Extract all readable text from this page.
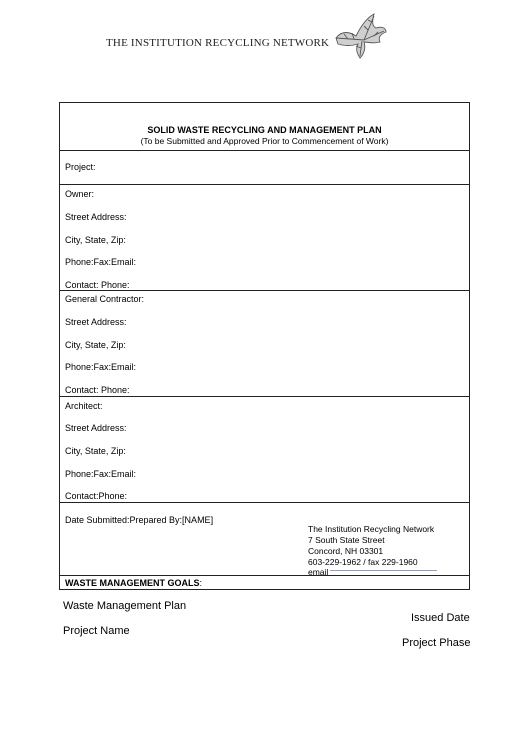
THE INSTITUTION RECYCLING NETWORK
SOLID WASTE RECYCLING AND MANAGEMENT PLAN
(To be Submitted and Approved Prior to Commencement of Work)
Project:
Owner:
Street Address:
City, State, Zip:
Phone:Fax:Email:
Contact: Phone:
General Contractor:
Street Address:
City, State, Zip:
Phone:Fax:Email:
Contact: Phone:
Architect:
Street Address:
City, State, Zip:
Phone:Fax:Email:
Contact:Phone:
Date Submitted:Prepared By:[NAME]
The Institution Recycling Network
7 South State Street
Concord, NH 03301
603-229-1962 / fax 229-1960
email
WASTE MANAGEMENT GOALS:
Waste Management Plan
Issued Date
Project Name
Project Phase
